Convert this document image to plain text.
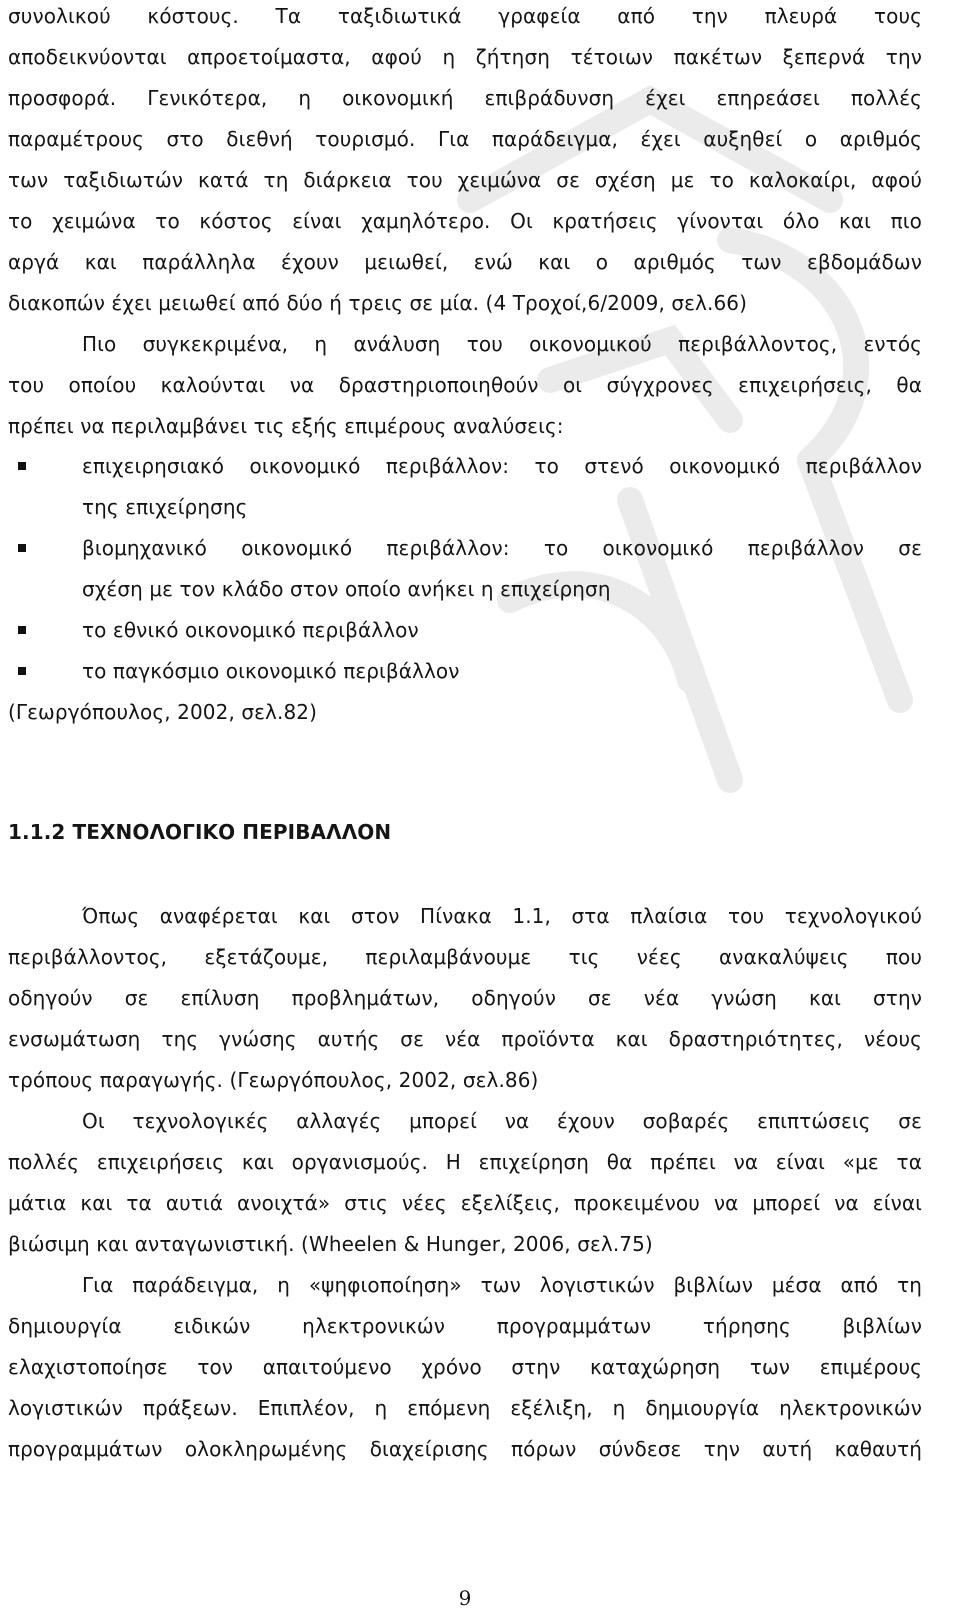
συνολικού κόστους. Τα ταξιδιωτικά γραφεία από την πλευρά τους
αποδεικνύονται απροετοίμαστα, αφού η ζήτηση τέτοιων πακέτων ξεπερνά την
προσφορά. Γενικότερα, η οικονομική επιβράδυνση έχει επηρεάσει πολλές
παραμέτρους στο διεθνή τουρισμό. Για παράδειγμα, έχει αυξηθεί ο αριθμός
των ταξιδιωτών κατά τη διάρκεια του χειμώνα σε σχέση με το καλοκαίρι, αφού
το χειμώνα το κόστος είναι χαμηλότερο. Οι κρατήσεις γίνονται όλο και πιο
αργά και παράλληλα έχουν μειωθεί, ενώ και ο αριθμός των εβδομάδων
διακοπών έχει μειωθεί από δύο ή τρεις σε μία. (4 Τροχοί,6/2009, σελ.66)
Πιο συγκεκριμένα, η ανάλυση του οικονομικού περιβάλλοντος, εντός
του οποίου καλούνται να δραστηριοποιηθούν οι σύγχρονες επιχειρήσεις, θα
πρέπει να περιλαμβάνει τις εξής επιμέρους αναλύσεις:
επιχειρησιακό οικονομικό περιβάλλον: το στενό οικονομικό περιβάλλον
της επιχείρησης
βιομηχανικό οικονομικό περιβάλλον: το οικονομικό περιβάλλον σε
σχέση με τον κλάδο στον οποίο ανήκει η επιχείρηση
το εθνικό οικονομικό περιβάλλον
το παγκόσμιο οικονομικό περιβάλλον
(Γεωργόπουλος, 2002, σελ.82)
1.1.2 ΤΕΧΝΟΛΟΓΙΚΟ ΠΕΡΙΒΑΛΛΟΝ
Όπως αναφέρεται και στον Πίνακα 1.1, στα πλαίσια του τεχνολογικού
περιβάλλοντος, εξετάζουμε, περιλαμβάνουμε τις νέες ανακαλύψεις που
οδηγούν σε επίλυση προβλημάτων, οδηγούν σε νέα γνώση και στην
ενσωμάτωση της γνώσης αυτής σε νέα προϊόντα και δραστηριότητες, νέους
τρόπους παραγωγής. (Γεωργόπουλος, 2002, σελ.86)
Οι τεχνολογικές αλλαγές μπορεί να έχουν σοβαρές επιπτώσεις σε
πολλές επιχειρήσεις και οργανισμούς. Η επιχείρηση θα πρέπει να είναι «με τα
μάτια και τα αυτιά ανοιχτά» στις νέες εξελίξεις, προκειμένου να μπορεί να είναι
βιώσιμη και ανταγωνιστική. (Wheelen & Hunger, 2006, σελ.75)
Για παράδειγμα, η «ψηφιοποίηση» των λογιστικών βιβλίων μέσα από τη
δημιουργία ειδικών ηλεκτρονικών προγραμμάτων τήρησης βιβλίων
ελαχιστοποίησε τον απαιτούμενο χρόνο στην καταχώρηση των επιμέρους
λογιστικών πράξεων. Επιπλέον, η επόμενη εξέλιξη, η δημιουργία ηλεκτρονικών
προγραμμάτων ολοκληρωμένης διαχείρισης πόρων σύνδεσε την αυτή καθαυτή
9
